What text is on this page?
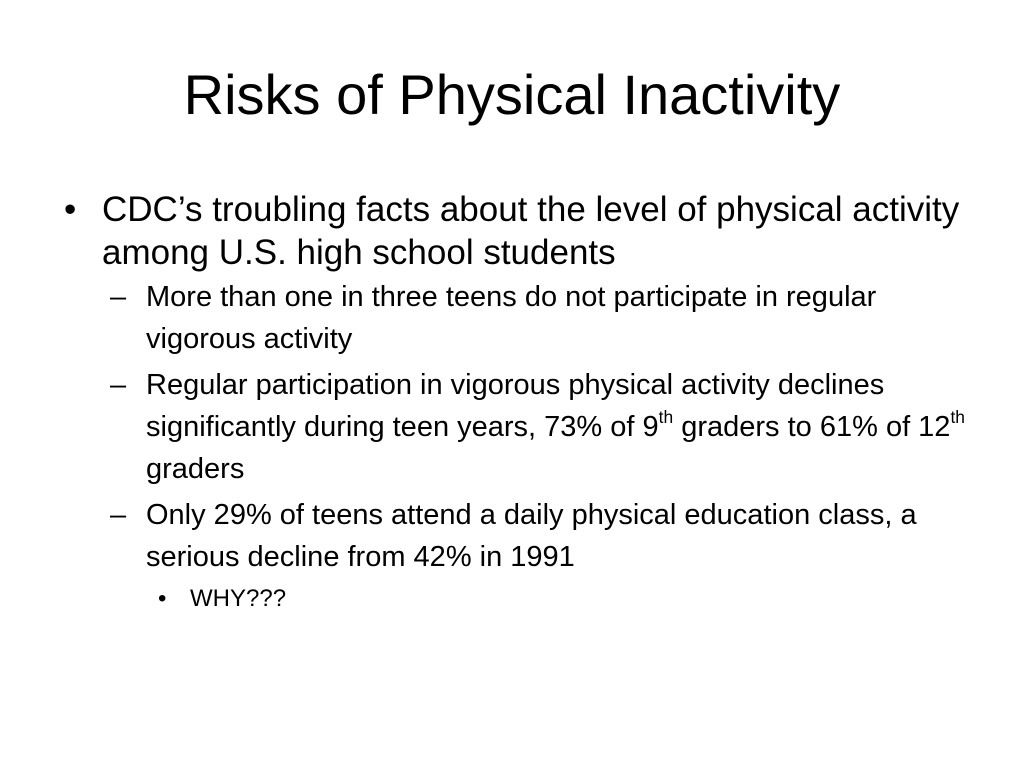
Risks of Physical Inactivity
• CDC’s troubling facts about the level of physical activity among U.S. high school students
– More than one in three teens do not participate in regular vigorous activity
– Regular participation in vigorous physical activity declines significantly during teen years, 73% of 9th graders to 61% of 12th graders
– Only 29% of teens attend a daily physical education class, a serious decline from 42% in 1991
• WHY???
